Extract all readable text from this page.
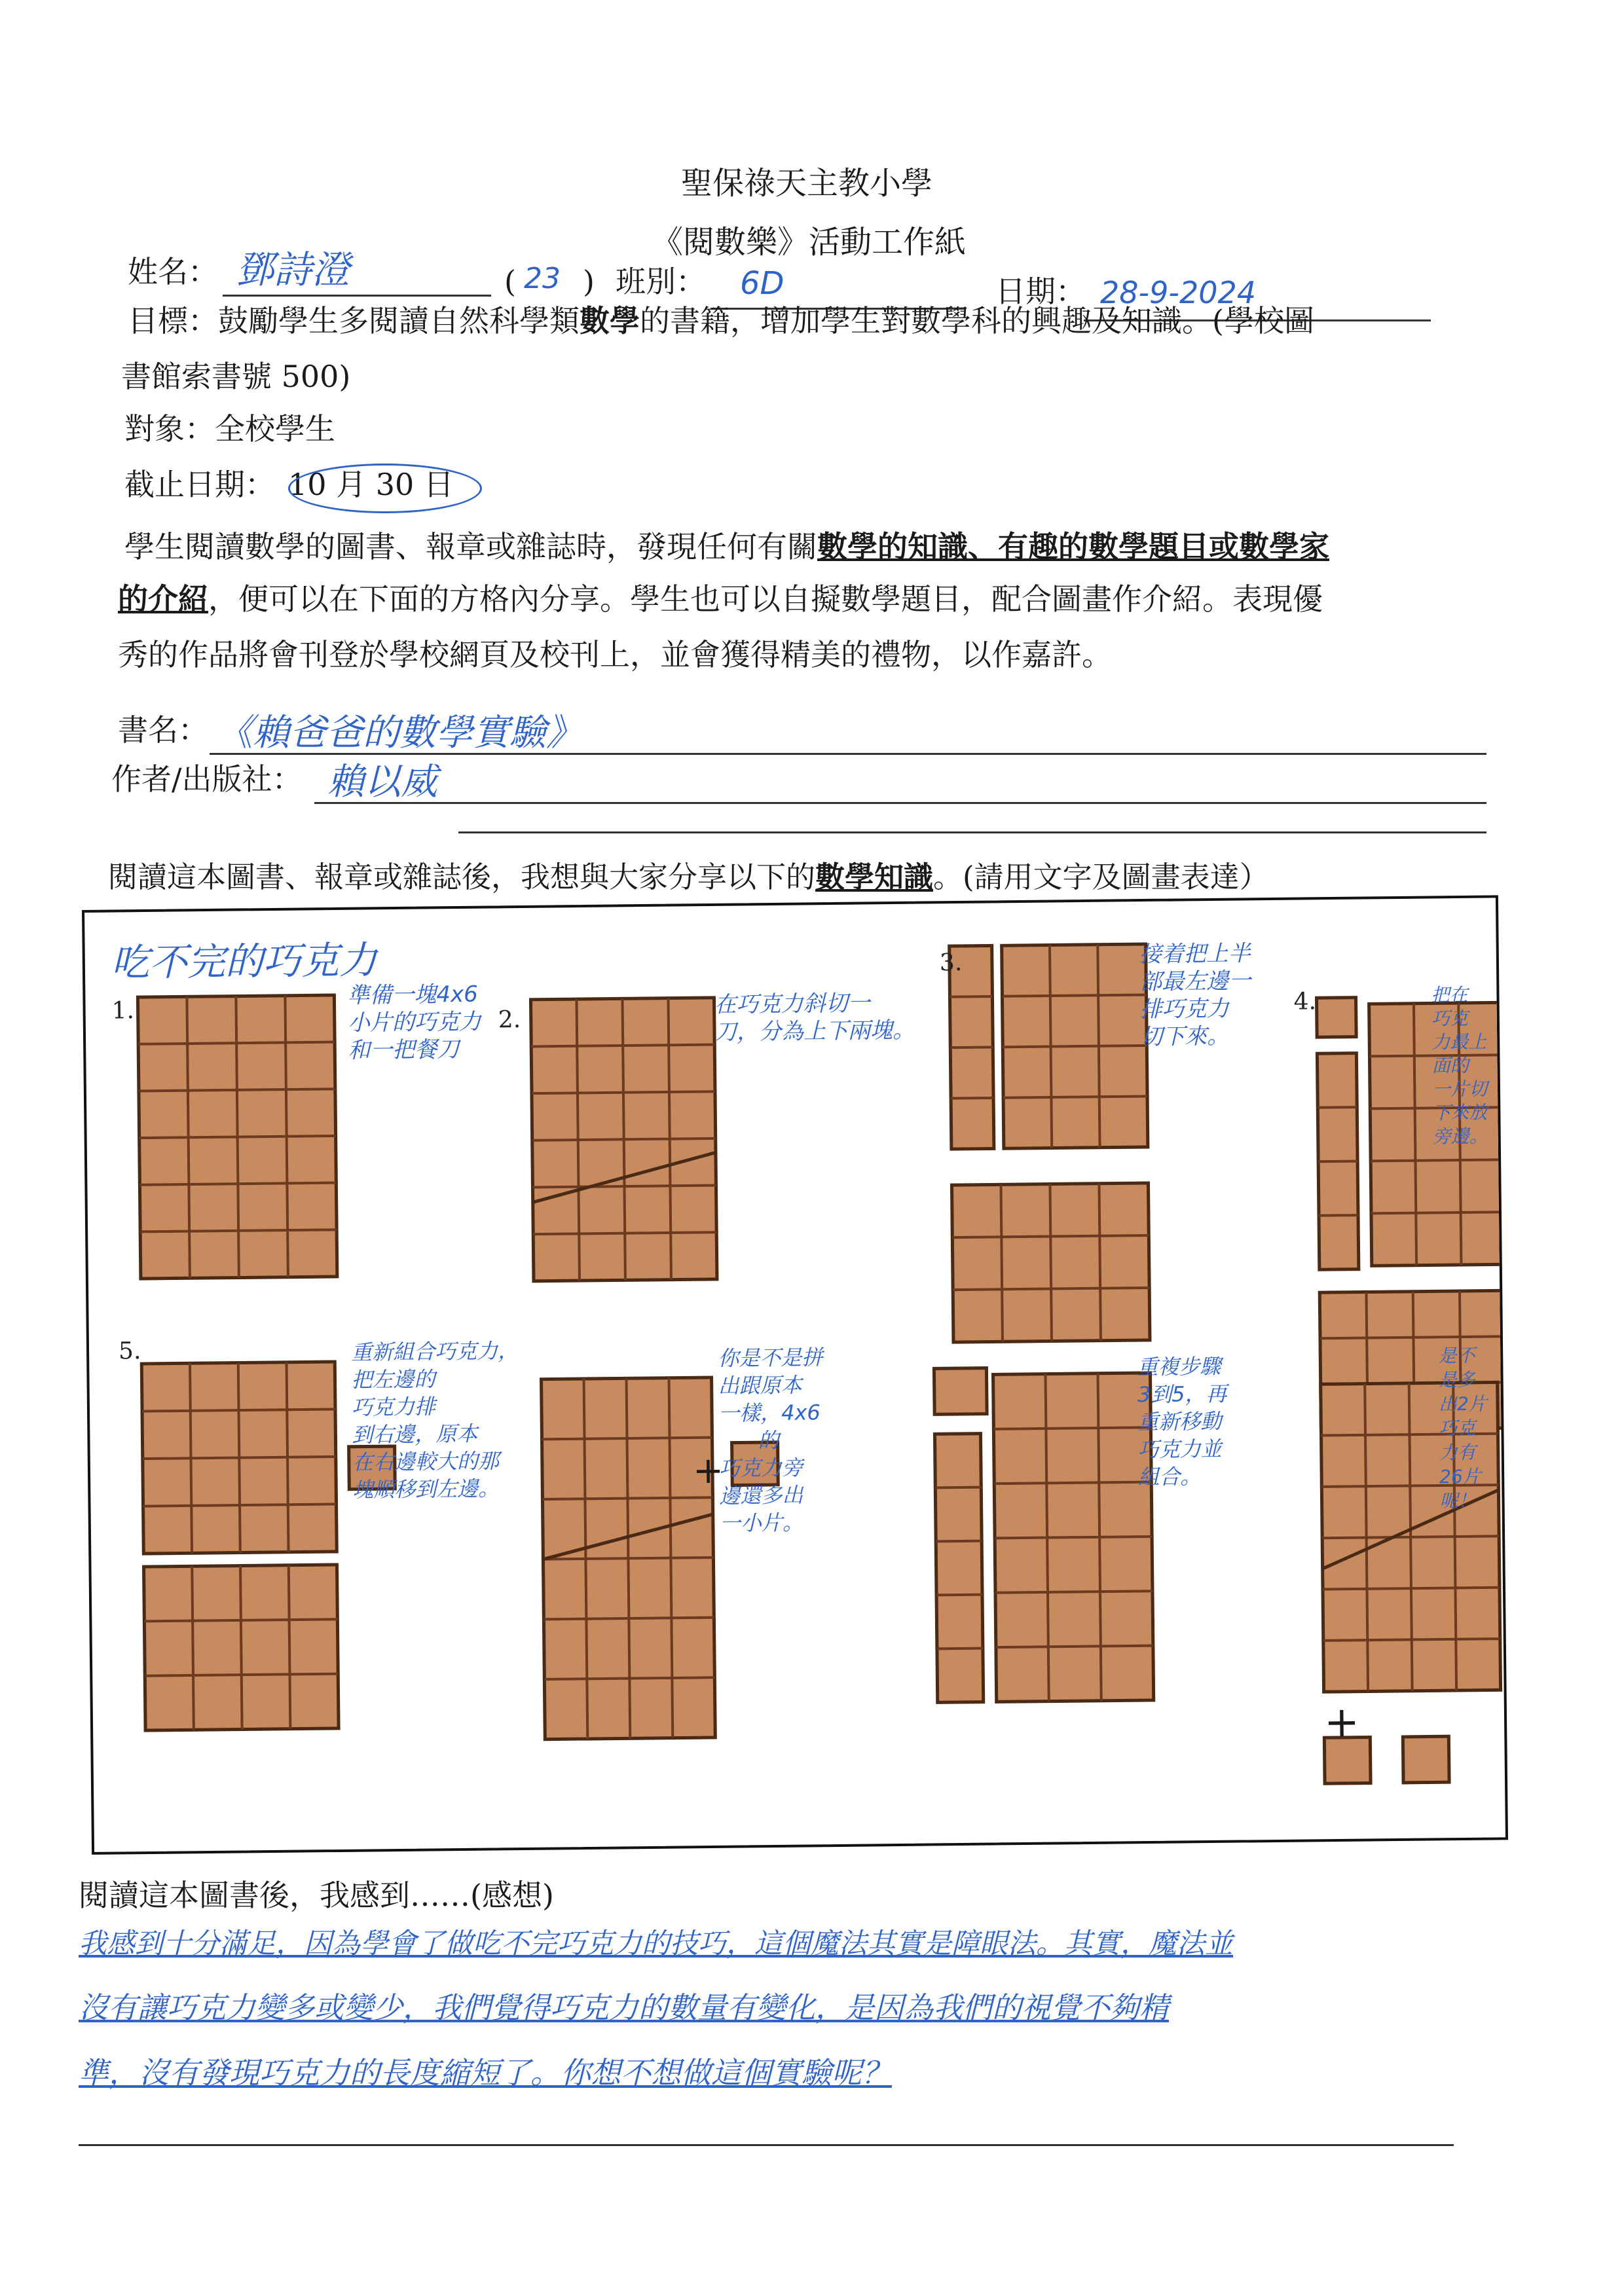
聖保祿天主教小學
《閱數樂》活動工作紙
姓名： 鄧詩澄	( 23 ) 班別： 6D	日期： 28-9-2024
目標：鼓勵學生多閱讀自然科學類數學的書籍，增加學生對數學科的興趣及知識。(學校圖
書館索書號 500)
對象：全校學生
截止日期： 10 月 30 日
學生閱讀數學的圖書、報章或雜誌時，發現任何有關數學的知識、有趣的數學題目或數學家
的介紹，便可以在下面的方格內分享。學生也可以自擬數學題目，配合圖畫作介紹。表現優
秀的作品將會刊登於學校網頁及校刊上，並會獲得精美的禮物，以作嘉許。
書名： 《賴爸爸的數學實驗》
作者/出版社： 賴以威
閱讀這本圖書、報章或雜誌後，我想與大家分享以下的數學知識。(請用文字及圖畫表達）
吃不完的巧克力
1.	2.
3.
4.
5.
準備一塊4x6
小片的巧克力
和一把餐刀
在巧克力斜切一
刀，分為上下兩塊。
接着把上半
部最左邊一
排巧克力
切下來。
把在
巧克
力最上
面的
一片切
下來放
旁邊。
重新組合巧克力，
把左邊的
巧克力排
到右邊，原本
在右邊較大的那
塊順移到左邊。
你是不是拼
出跟原本
一樣，4x6
的
巧克力旁
邊還多出
一小片。
重複步驟
3到5，再
重新移動
巧克力並
組合。
是不
是多
出2片
巧克
力有
26片
呢！
+
+
閱讀這本圖書後，我感到……(感想)
我感到十分滿足，因為學會了做吃不完巧克力的技巧，這個魔法其實是障眼法。其實，魔法並
沒有讓巧克力變多或變少，我們覺得巧克力的數量有變化，是因為我們的視覺不夠精
準，沒有發現巧克力的長度縮短了。你想不想做這個實驗呢？
